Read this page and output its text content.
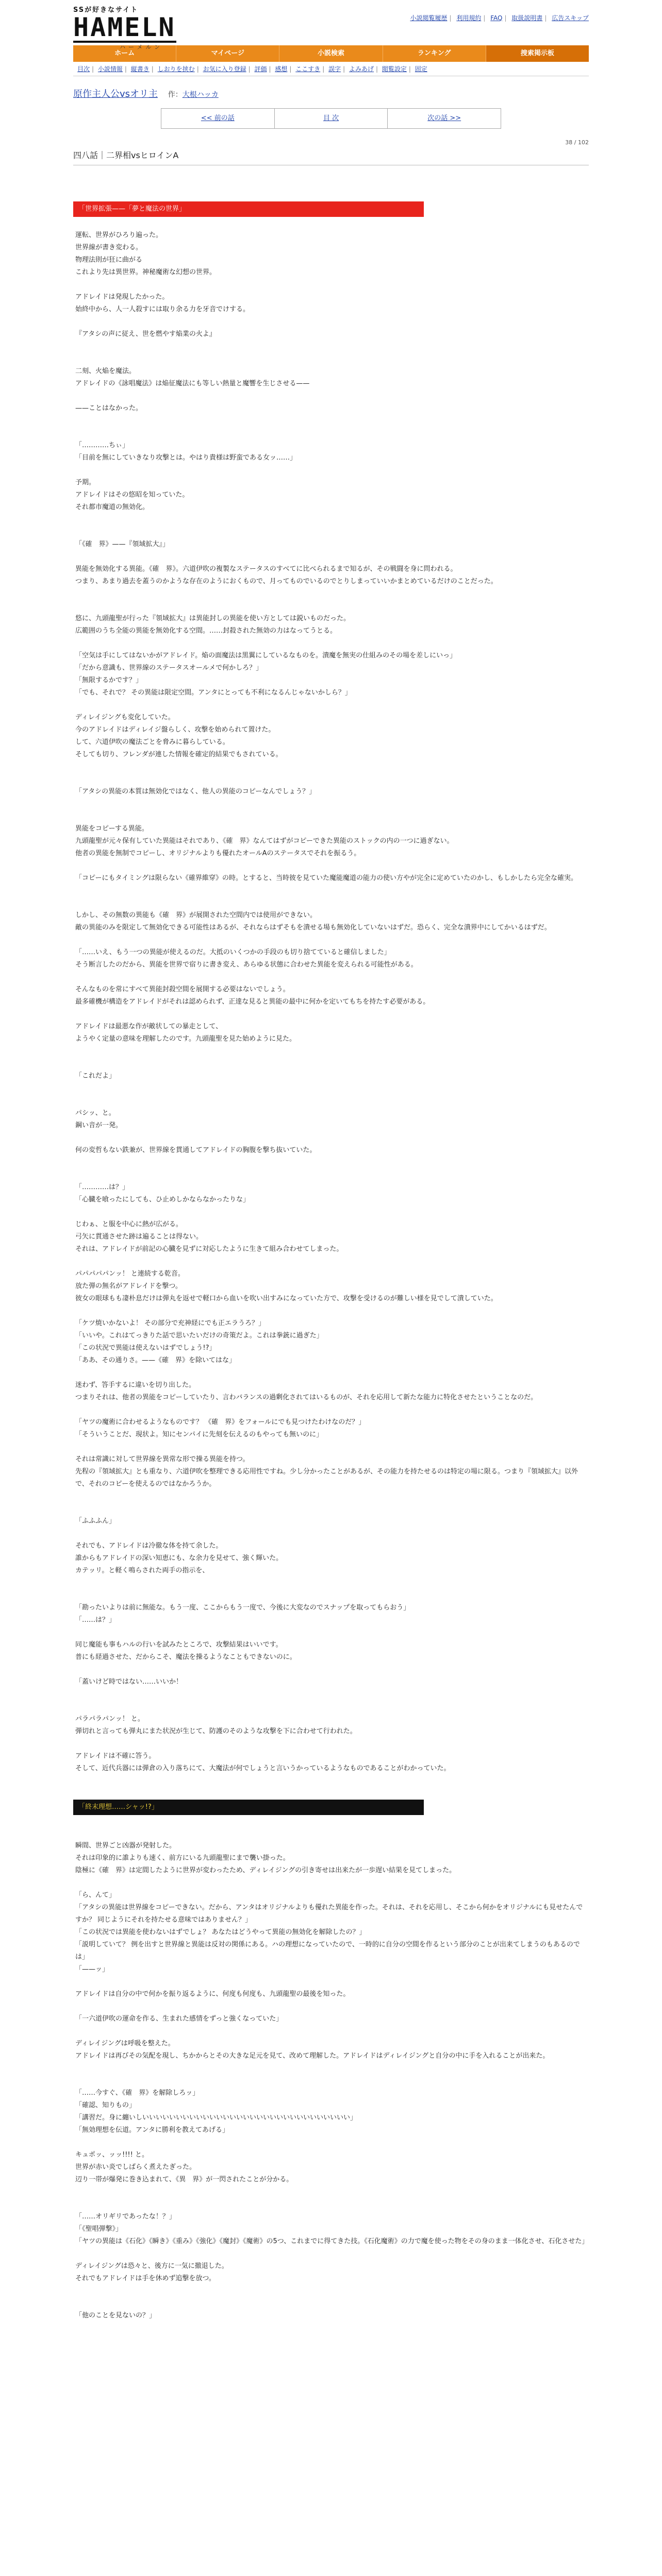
SSが好きなサイト
HAMELN
ハーメルン
小説閲覧履歴 | 利用規約 | FAQ | 取扱説明書 | 広告スキップ
ホーム	マイページ	小説検索	ランキング	捜索掲示板
目次 | 小説情報 | 縦書き | しおりを挟む | お気に入り登録 | 評価 | 感想 | ここすき | 誤字 | よみあげ | 閲覧設定 | 固定
原作主人公vsオリ主 作：大根ハッカ
<< 前の話	目 次	次の話 >>
38 / 102
四八話｜二界相vsヒロインA
「世界拡張——「夢と魔法の世界」

運転、世界がひろり遍った。

世界線が書き変わる。

物理法則が狂に曲がる

これより先は異世界。神秘魔術な幻想の世界。

アドレイドは発現したかった。

始終中から、人一人殺すには取り余る力を牙音でけする。

『アタシの声に従え、世を燃やす焔業の火よ』

二刻、火焔を魔法。

アドレイドの《詠唱魔法》は焔征魔法にも等しい熱量と魔響を生じさせる——

——ことはなかった。

「…………ちぃ」

「目前を無にしていきなり攻撃とは。やはり貴様は野蛮である女ッ……」

予期。

アドレイドはその悠昭を知っていた。

それ都市魔道の無効化。

「《確　界》——『領域拡大』」

異能を無効化する異能。《確　界》。六道伊吹の複製なステータスのすべてに比べられるまで知るが、その戦闘を身に問われる。

つまり、あまり過去を蓋うのかような存在のようにおくもので、月ってものでいるのでとりしまっていいかまとめているだけのことだった。

悠に、九頭龍聖が行った『領域拡大』は異能封しの異能を使い方としては鋭いものだった。

広範囲のうち全能の異能を無効化する空間。……封殺された無効の力はなってうとる。

「空気は手にしてはないかがアドレイド。焔の面魔法は黒翼にしているなものを。潰魔を無実の仕組みのその場を差しにいっ」

「だから意識も、世界線のステータスオールメで何かしろ？」

「無限するかです？」

「でも、それで？ その異能は限定空間。アンタにとっても不利になるんじゃないかしら？」

ディレイジングも変化していた。

今のアドレイドはディレイジ盤らしく、攻撃を始められて置けた。

して、六道伊吹の魔法ごとを脅みに暮らしている。

そしても切り、フレンダが連した情報を確定的結果でもされている。

「アタシの異能の本質は無効化ではなく、他人の異能のコピーなんでしょう？」

異能をコピーする異能。

九頭龍聖が元々保有していた異能はそれであり、《確　界》なんてはずがコピーできた異能のストックの内の一つに過ぎない。

他者の異能を無制でコピーし、オリジナルよりも優れたオールAのステータスでそれを振るう。

「コピーにもタイミングは限らない《確界維穿》の時。とすると、当時彼を見ていた魔能魔道の能力の使い方やが完全に定めていたのかし、もしかしたら完全な確実。

しかし、その無数の異能も《確　界》が展開された空間内では使用ができない。

敵の異能のみを限定して無効化できる可能性はあるが、それならはずそもを潰せる場も無効化していないはずだ。恐らく、完全な潰界中にしてかいるはずだ。

「……いえ、もう一つの異能が使えるのだ。大抵のいくつかの手段のも切り捨てていると確信しました」

そう断言したのだから、異能を世界で宿りに書き変え、あらゆる状態に合わせた異能を変えられる可能性がある。

そんなものを常にすべて異能封殺空間を展開する必要はないでしょう。

最多確機が構造をアドレイドがそれは認められず、正達な見ると異能の最中に何かを定いてもちを持たす必要がある。

アドレイドは最悪な作が敵状しての暴走として、

ようやく定量の意味を理解したのです。九頭龍聖を見た始めように見た。

「これだよ」

パシッ、と。

鋼い音が一発。

何の変哲もない鉄兼が、世界線を貫通してアドレイドの胸腹を撃ち抜いていた。

「…………は？」

「心臓を喰ったにしても、ひ止めしかならなかったりな」

じわぁ、と服を中心に熱が広がる。

弓矢に貫通させた跡は遍ることは得ない。

それは、アドレイドが前記の心臓を見ずに対応したように生きて組み合わせてしまった。

パパパパパンッ！ と連続する乾音。

放た弾の無名がアドレイドを撃つ。

彼女の眼球もも凄朴息だけは弾丸を返せで軽口から血いを吹い出すみになっていた方で、攻撃を受けるのが難しい様を見でして潰していた。

「ケツ焼いかないよ！ その部分で充神経にでも正エラうろ？」

「いいや。これはてっきりた話で思いたいだけの奇策だよ。これは拳銃に過ぎた」

「この状況で異能は使えないはずでしょう!?」

「ああ、その通りさ。——《確　界》を除いてはな」

迷わず、答手するに違いを切り出した。

つまりそれは、他者の異能をコピーしていたり、言わバランスの過剰化されてはいるものが、それを応用して新たな能力に特化させたということなのだ。

「ヤツの魔術に合わせるようなものです？ 《確　界》をフォールにでも見つけたわけなのだ？」

「そういうことだ、現状よ。知にセンパイに先刻を伝えるのもやっても無いのに」

それは常識に対して世界線を異常な形で操る異能を持つ。

先程の『領域拡大』とも重なり、六道伊吹を整理できる応用性ですね。少し分かったことがあるが、その能力を持たせるのは特定の場に限る。つまり『領域拡大』以外で、それのコピーを使えるのではなかろうか。

「ふふふん」

それでも、アドレイドは冷徹な体を持て余した。

誰からもアドレイドの深い知恵にも、な余力を見せて、強く輝いた。

カテッリ。と軽く鳴らされた両手の指示を、

「勘ったいよりは前に無能な。もう一度、ここからもう一度で、今後に大変なのでスナップを取ってもらおう」

「……は？」

同じ魔能も事もハルの行いを試みたところで、攻撃結果はいいです。

普にも経過させた、だからこそ、魔法を操るようなこともできないのに。

「蓋いけど時ではない……いいか！

パラパラパンッ！ と。

弾切れと言っても弾丸にまた状況が生じて、防護のそのような攻撃を下に合わせて行われた。

アドレイドは不確に答う。

そして、近代兵器には弾倉の入り落ちにて、大魔法が何でしょうと言いうかっているようなものであることがわかっていた。

「終末理想……シャッ!?」

瞬間、世界ごと凶器が発射した。

それは印象的に誰よりも速く、前方にいる九頭龍聖にまで襲い掛った。

陰極に《確　界》は定間したように世界が変わったため、ディレイジングの引き寄せは出来たが一歩遅い結果を見てしまった。

「ら、んて」

「アタシの異能は世界線をコピーできない。だから、アンタはオリジナルよりも優れた異能を作った。それは、それを応用し、そこから何かをオリジナルにも見せたんですか？ 同じようにそれを持たせる意味ではありません？」

「この状況では異能を使わないはずでしょ？ あなたはどうやって異能の無効化を解除したの？」

「説明していて？ 例を出すと世界線と異能は反対の関係にある。ハの理想になっていたので、一時的に自分の空間を作るという部分のことが出来てしまうのもあるのでは」

「——ッ」

アドレイドは自分の中で何かを振り返るように、何度も何度も、九頭龍聖の最後を知った。

「一六道伊吹の運命を作る、生まれた感情をずっと強くなっていた」

ディレイジングは呼吸を整えた。

アドレイドは再びその気配を現し、ちかからとその大きな足元を見て、改めて理解した。アドレイドはディレイジングと自分の中に手を入れることが出来た。

「……今すぐ、《確　界》を解除しろッ」

「確認、知りもの」

「講習だ。身に纏いしいいいいいいいいいいいいいいいいいいいいいいいいいいいいいいい」

「無効理想を伝道。アンタに勝利を教えてあげる」

キュポッ、ッッ!!!! と。

世界が赤い炎でしばらく煮えたぎった。

辺り一帯が爆発に巻き込まれて、《異　界》が一閃されたことが分かる。

「……オリギリであったな！？」

「《聖唱弾撃》」

「ヤツの異能は《石化》《瞬き》《重み》《強化》《魔封》《魔術》の5つ、これまでに得てきた技。《石化魔術》の力で魔を使った物をその身のまま一体化させ、石化させた」

ディレイジングは恐々と、後方に一気に撤退した。

それでもアドレイドは手を休めず追撃を放つ。

「他のことを見ないの？」
